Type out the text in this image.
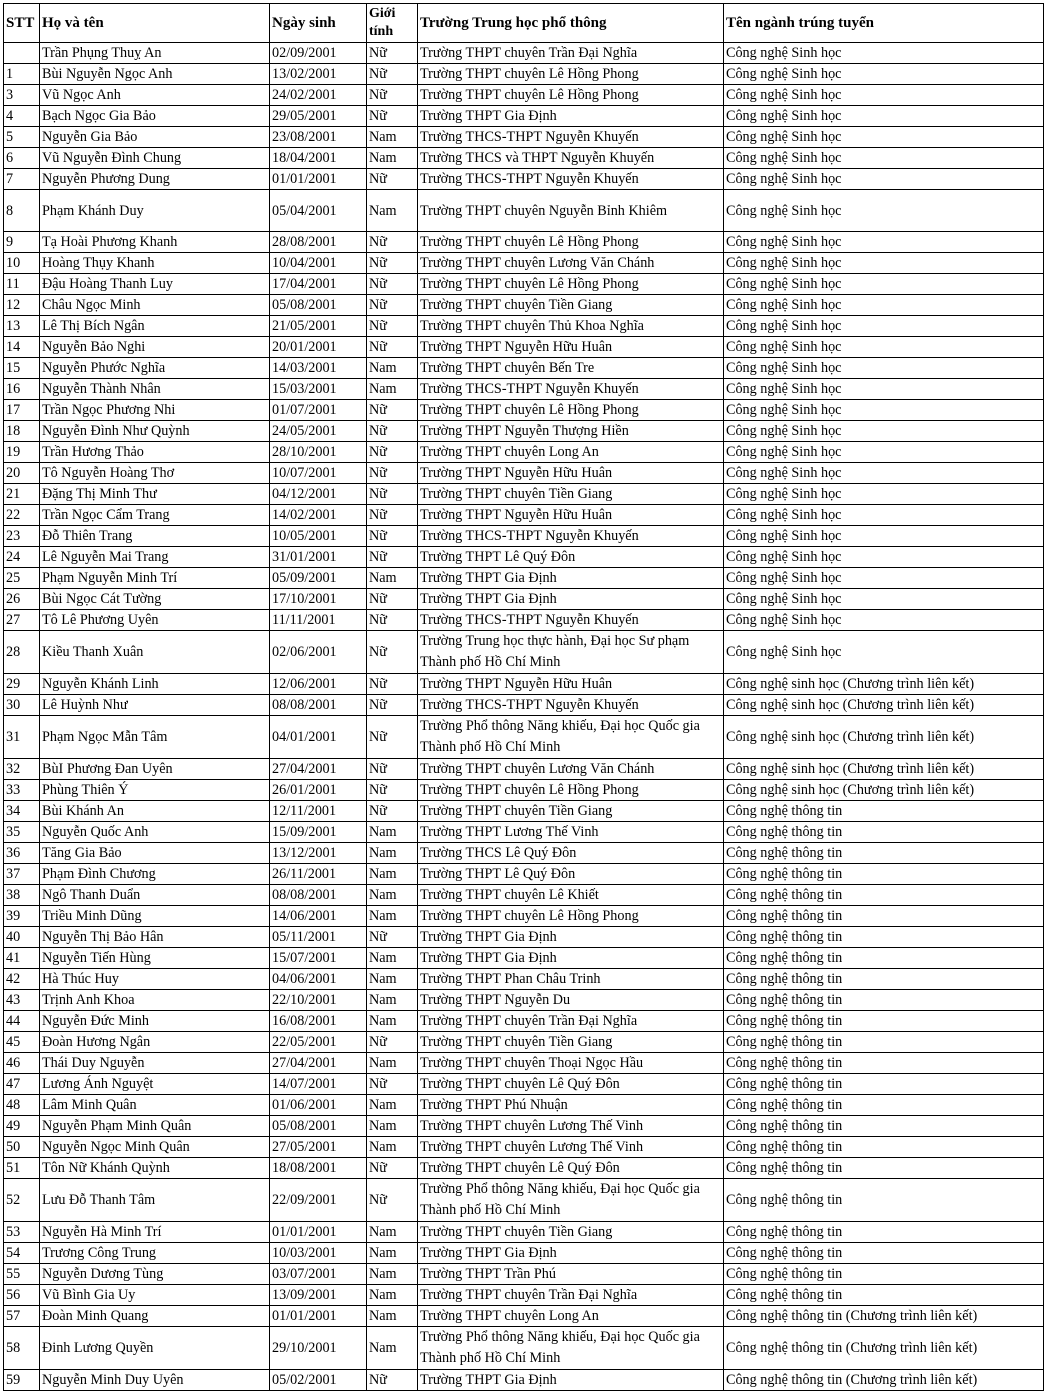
STT	Họ và tên	Ngày sinh	Giới tính	Trường Trung học phổ thông	Tên ngành trúng tuyển
	Trần Phụng Thuỵ An	02/09/2001	Nữ	Trường THPT chuyên Trần Đại Nghĩa	Công nghệ Sinh học
1	Bùi Nguyễn Ngọc Anh	13/02/2001	Nữ	Trường THPT chuyên Lê Hồng Phong	Công nghệ Sinh học
3	Vũ Ngọc Anh	24/02/2001	Nữ	Trường THPT chuyên Lê Hồng Phong	Công nghệ Sinh học
4	Bạch Ngọc Gia Bảo	29/05/2001	Nữ	Trường THPT Gia Định	Công nghệ Sinh học
5	Nguyễn Gia Bảo	23/08/2001	Nam	Trường THCS-THPT Nguyễn Khuyến	Công nghệ Sinh học
6	Vũ Nguyễn Đình Chung	18/04/2001	Nam	Trường THCS và THPT Nguyễn Khuyến	Công nghệ Sinh học
7	Nguyễn Phương Dung	01/01/2001	Nữ	Trường THCS-THPT Nguyễn Khuyến	Công nghệ Sinh học
8	Phạm Khánh Duy	05/04/2001	Nam	Trường THPT chuyên Nguyễn Bỉnh Khiêm	Công nghệ Sinh học
9	Tạ Hoài Phương Khanh	28/08/2001	Nữ	Trường THPT chuyên Lê Hồng Phong	Công nghệ Sinh học
10	Hoàng Thụy Khanh	10/04/2001	Nữ	Trường THPT chuyên Lương Văn Chánh	Công nghệ Sinh học
11	Đậu Hoàng Thanh Luy	17/04/2001	Nữ	Trường THPT chuyên Lê Hồng Phong	Công nghệ Sinh học
12	Châu Ngọc Minh	05/08/2001	Nữ	Trường THPT chuyên Tiền Giang	Công nghệ Sinh học
13	Lê Thị Bích Ngân	21/05/2001	Nữ	Trường THPT chuyên Thủ Khoa Nghĩa	Công nghệ Sinh học
14	Nguyễn Bảo Nghi	20/01/2001	Nữ	Trường THPT Nguyễn Hữu Huân	Công nghệ Sinh học
15	Nguyễn Phước Nghĩa	14/03/2001	Nam	Trường THPT chuyên Bến Tre	Công nghệ Sinh học
16	Nguyễn Thành Nhân	15/03/2001	Nam	Trường THCS-THPT Nguyễn Khuyến	Công nghệ Sinh học
17	Trần Ngọc Phương Nhi	01/07/2001	Nữ	Trường THPT chuyên Lê Hồng Phong	Công nghệ Sinh học
18	Nguyễn Đình Như Quỳnh	24/05/2001	Nữ	Trường THPT Nguyễn Thượng Hiền	Công nghệ Sinh học
19	Trần Hương Thảo	28/10/2001	Nữ	Trường THPT chuyên Long An	Công nghệ Sinh học
20	Tô Nguyễn Hoàng Thơ	10/07/2001	Nữ	Trường THPT Nguyễn Hữu Huân	Công nghệ Sinh học
21	Đặng Thị Minh Thư	04/12/2001	Nữ	Trường THPT chuyên Tiền Giang	Công nghệ Sinh học
22	Trần Ngọc Cẩm Trang	14/02/2001	Nữ	Trường THPT Nguyễn Hữu Huân	Công nghệ Sinh học
23	Đỗ Thiên Trang	10/05/2001	Nữ	Trường THCS-THPT Nguyễn Khuyến	Công nghệ Sinh học
24	Lê Nguyễn Mai Trang	31/01/2001	Nữ	Trường THPT Lê Quý Đôn	Công nghệ Sinh học
25	Phạm Nguyễn Minh Trí	05/09/2001	Nam	Trường THPT Gia Định	Công nghệ Sinh học
26	Bùi Ngọc Cát Tường	17/10/2001	Nữ	Trường THPT Gia Định	Công nghệ Sinh học
27	Tô Lê Phương Uyên	11/11/2001	Nữ	Trường THCS-THPT Nguyễn Khuyến	Công nghệ Sinh học
28	Kiều Thanh Xuân	02/06/2001	Nữ	Trường Trung học thực hành, Đại học Sư phạm Thành phố Hồ Chí Minh	Công nghệ Sinh học
29	Nguyễn Khánh Linh	12/06/2001	Nữ	Trường THPT Nguyễn Hữu Huân	Công nghệ sinh học (Chương trình liên kết)
30	Lê Huỳnh Như	08/08/2001	Nữ	Trường THCS-THPT Nguyễn Khuyến	Công nghệ sinh học (Chương trình liên kết)
31	Phạm Ngọc Mẫn Tâm	04/01/2001	Nữ	Trường Phổ thông Năng khiếu, Đại học Quốc gia Thành phố Hồ Chí Minh	Công nghệ sinh học (Chương trình liên kết)
32	BùI Phương Đan Uyên	27/04/2001	Nữ	Trường THPT chuyên Lương Văn Chánh	Công nghệ sinh học (Chương trình liên kết)
33	Phùng Thiên Ý	26/01/2001	Nữ	Trường THPT chuyên Lê Hồng Phong	Công nghệ sinh học (Chương trình liên kết)
34	Bùi Khánh An	12/11/2001	Nữ	Trường THPT chuyên Tiền Giang	Công nghệ thông tin
35	Nguyễn Quốc Anh	15/09/2001	Nam	Trường THPT Lương Thế Vinh	Công nghệ thông tin
36	Tăng Gia Bảo	13/12/2001	Nam	Trường THCS Lê Quý Đôn	Công nghệ thông tin
37	Phạm Đình Chương	26/11/2001	Nam	Trường THPT Lê Quý Đôn	Công nghệ thông tin
38	Ngô Thanh Duẩn	08/08/2001	Nam	Trường THPT chuyên Lê Khiết	Công nghệ thông tin
39	Triều Minh Dũng	14/06/2001	Nam	Trường THPT chuyên Lê Hồng Phong	Công nghệ thông tin
40	Nguyễn Thị Bảo Hân	05/11/2001	Nữ	Trường THPT Gia Định	Công nghệ thông tin
41	Nguyễn Tiến Hùng	15/07/2001	Nam	Trường THPT Gia Định	Công nghệ thông tin
42	Hà Thúc Huy	04/06/2001	Nam	Trường THPT Phan Châu Trinh	Công nghệ thông tin
43	Trịnh Anh Khoa	22/10/2001	Nam	Trường THPT Nguyễn Du	Công nghệ thông tin
44	Nguyễn Đức Minh	16/08/2001	Nam	Trường THPT chuyên Trần Đại Nghĩa	Công nghệ thông tin
45	Đoàn Hương Ngân	22/05/2001	Nữ	Trường THPT chuyên Tiền Giang	Công nghệ thông tin
46	Thái Duy Nguyễn	27/04/2001	Nam	Trường THPT chuyên Thoại Ngọc Hầu	Công nghệ thông tin
47	Lương Ánh Nguyệt	14/07/2001	Nữ	Trường THPT chuyên Lê Quý Đôn	Công nghệ thông tin
48	Lâm Minh Quân	01/06/2001	Nam	Trường THPT Phú Nhuận	Công nghệ thông tin
49	Nguyễn Phạm Minh Quân	05/08/2001	Nam	Trường THPT chuyên Lương Thế Vinh	Công nghệ thông tin
50	Nguyễn Ngọc Minh Quân	27/05/2001	Nam	Trường THPT chuyên Lương Thế Vinh	Công nghệ thông tin
51	Tôn Nữ Khánh Quỳnh	18/08/2001	Nữ	Trường THPT chuyên Lê Quý Đôn	Công nghệ thông tin
52	Lưu Đỗ Thanh Tâm	22/09/2001	Nữ	Trường Phổ thông Năng khiếu, Đại học Quốc gia Thành phố Hồ Chí Minh	Công nghệ thông tin
53	Nguyễn Hà Minh Trí	01/01/2001	Nam	Trường THPT chuyên Tiền Giang	Công nghệ thông tin
54	Trương Công Trung	10/03/2001	Nam	Trường THPT Gia Định	Công nghệ thông tin
55	Nguyễn Dương Tùng	03/07/2001	Nam	Trường THPT Trần Phú	Công nghệ thông tin
56	Vũ Bình Gia Uy	13/09/2001	Nam	Trường THPT chuyên Trần Đại Nghĩa	Công nghệ thông tin
57	Đoàn Minh Quang	01/01/2001	Nam	Trường THPT chuyên Long An	Công nghệ thông tin (Chương trình liên kết)
58	Đinh Lương Quyền	29/10/2001	Nam	Trường Phổ thông Năng khiếu, Đại học Quốc gia Thành phố Hồ Chí Minh	Công nghệ thông tin (Chương trình liên kết)
59	Nguyễn Minh Duy Uyên	05/02/2001	Nữ	Trường THPT Gia Định	Công nghệ thông tin (Chương trình liên kết)
